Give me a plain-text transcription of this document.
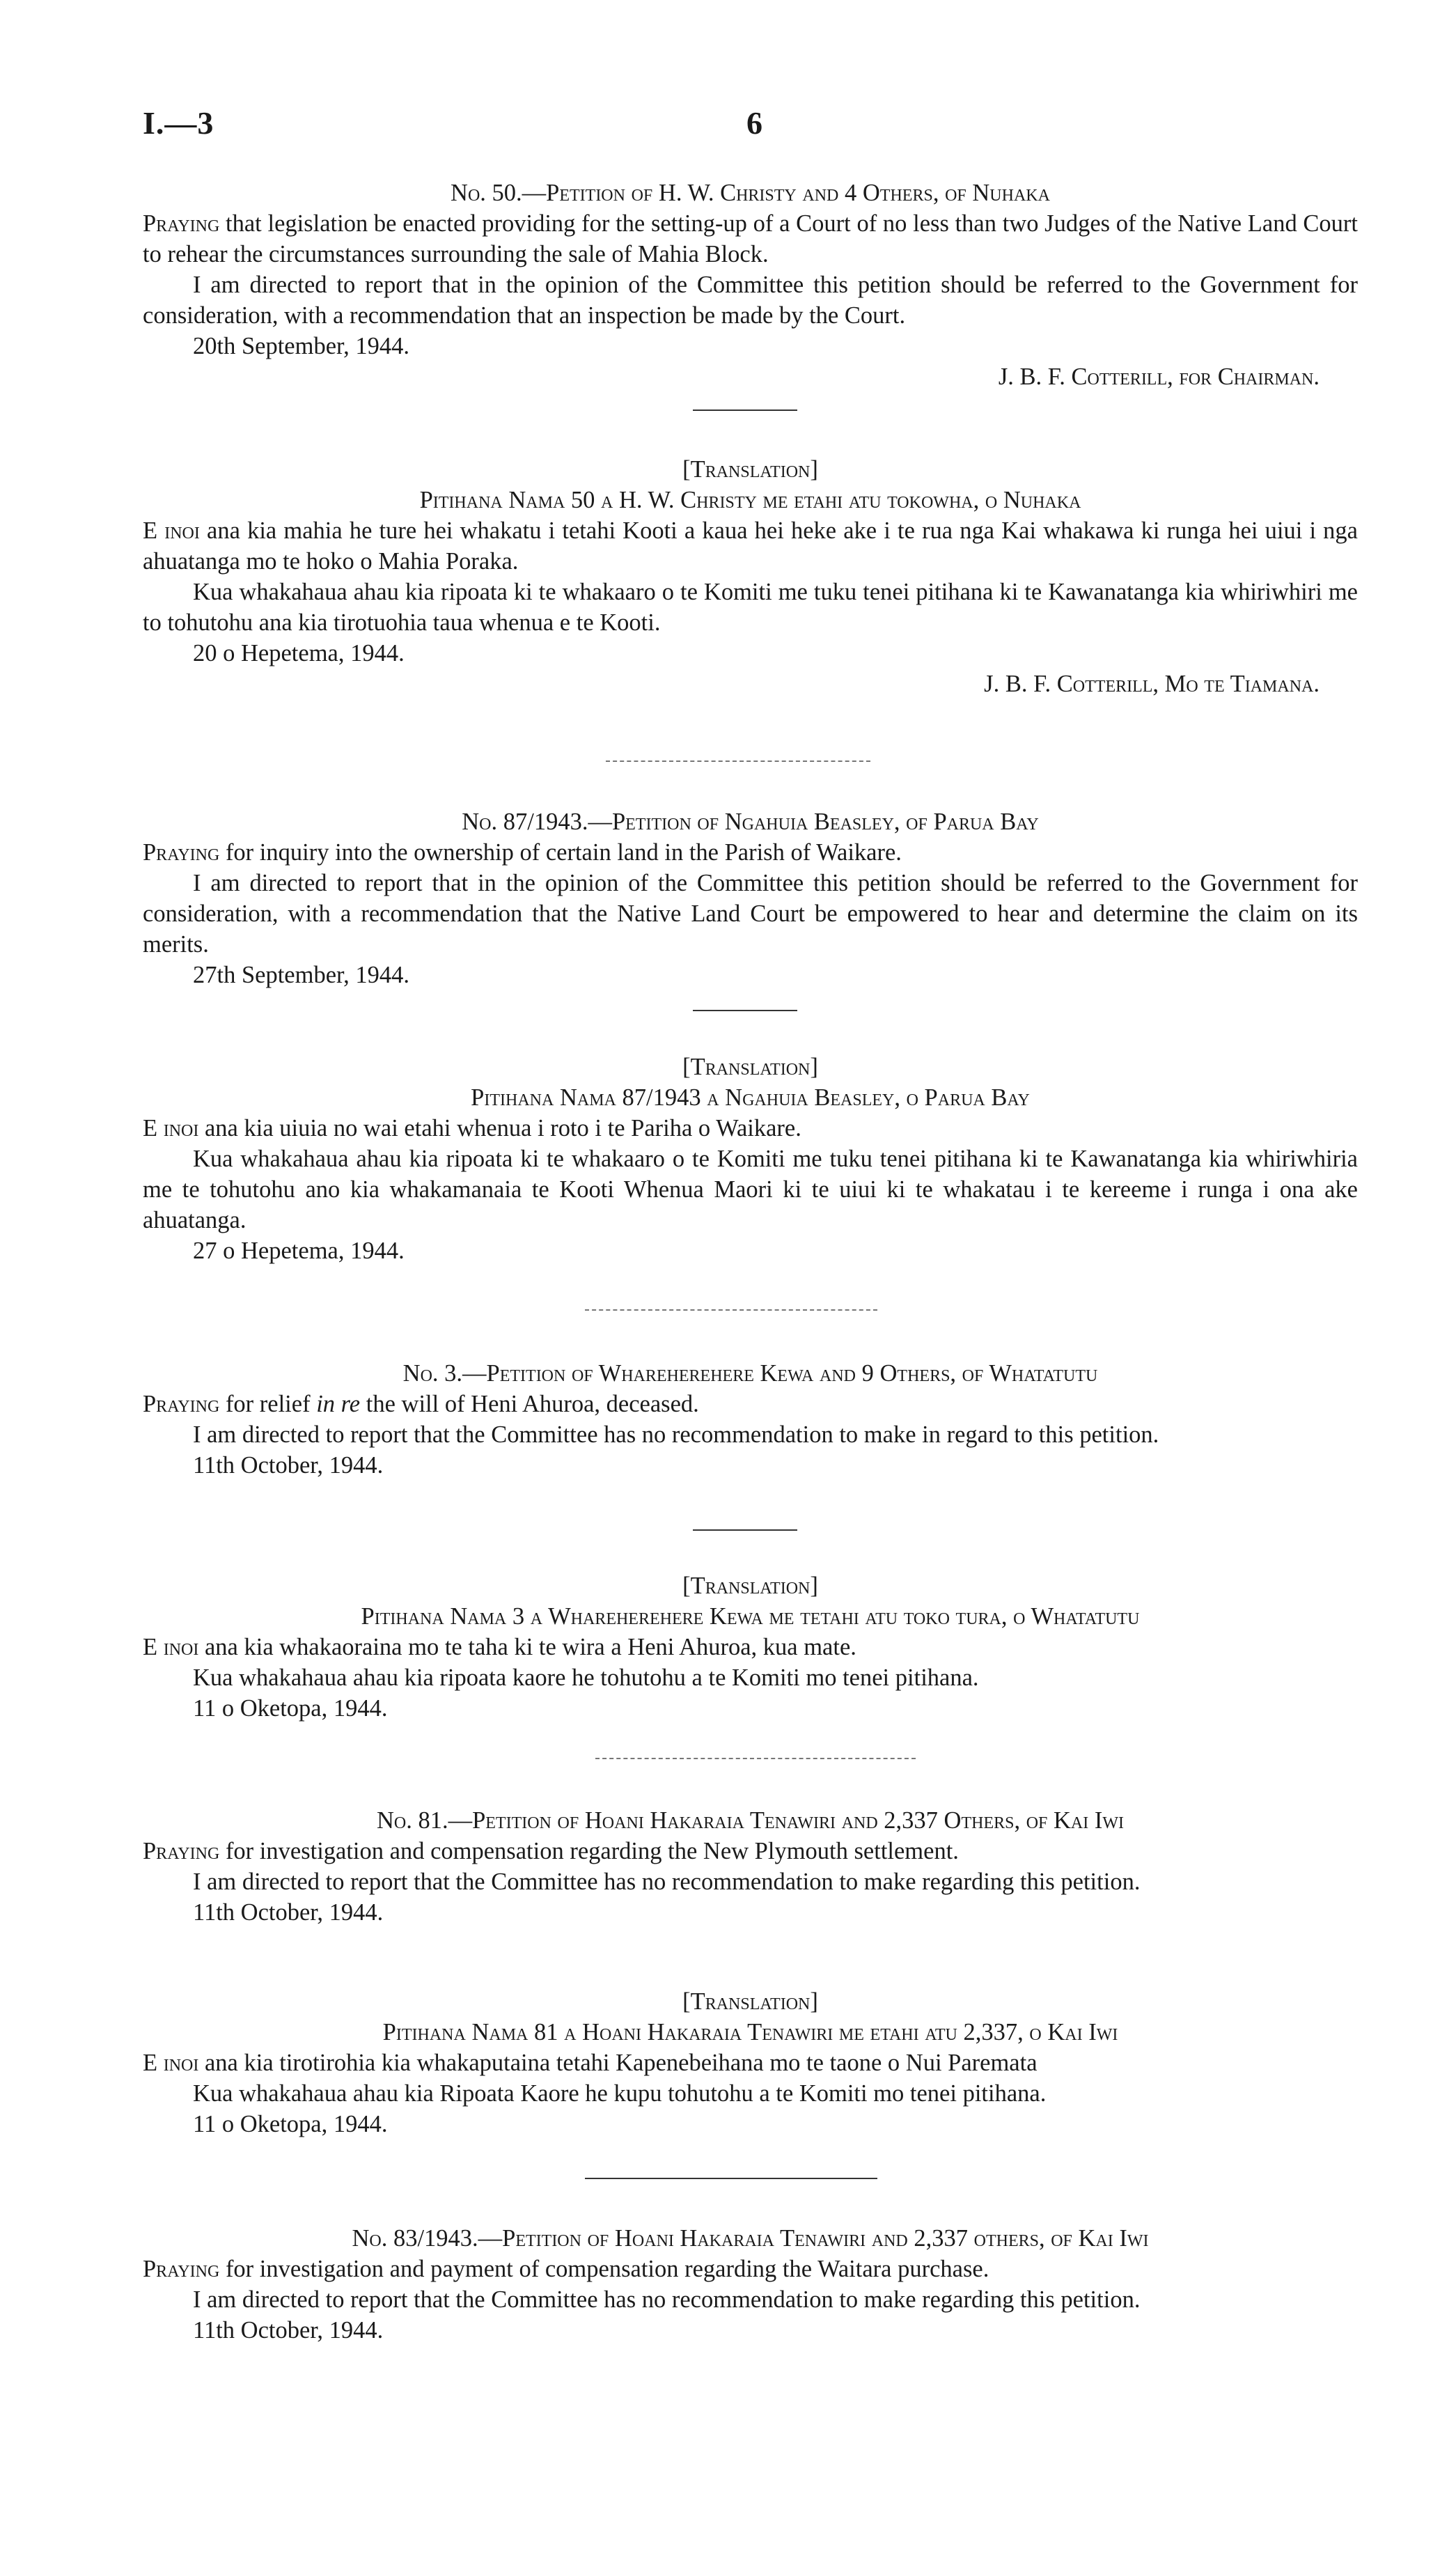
I.—3	6
No. 50.—Petition of H. W. Christy and 4 Others, of Nuhaka
Praying that legislation be enacted providing for the setting-up of a Court of no less than two Judges of the Native Land Court to rehear the circumstances surrounding the sale of Mahia Block.
I am directed to report that in the opinion of the Committee this petition should be referred to the Government for consideration, with a recommendation that an inspection be made by the Court.
20th September, 1944.
J. B. F. Cotterill, for Chairman.
[Translation]
Pitihana Nama 50 a H. W. Christy me etahi atu tokowha, o Nuhaka
E inoi ana kia mahia he ture hei whakatu i tetahi Kooti a kaua hei heke ake i te rua nga Kai whakawa ki runga hei uiui i nga ahuatanga mo te hoko o Mahia Poraka.
Kua whakahaua ahau kia ripoata ki te whakaaro o te Komiti me tuku tenei pitihana ki te Kawanatanga kia whiriwhiri me to tohutohu ana kia tirotuohia taua whenua e te Kooti.
20 o Hepetema, 1944.
J. B. F. Cotterill, Mo te Tiamana.
No. 87/1943.—Petition of Ngahuia Beasley, of Parua Bay
Praying for inquiry into the ownership of certain land in the Parish of Waikare.
I am directed to report that in the opinion of the Committee this petition should be referred to the Government for consideration, with a recommendation that the Native Land Court be empowered to hear and determine the claim on its merits.
27th September, 1944.
[Translation]
Pitihana Nama 87/1943 a Ngahuia Beasley, o Parua Bay
E inoi ana kia uiuia no wai etahi whenua i roto i te Pariha o Waikare.
Kua whakahaua ahau kia ripoata ki te whakaaro o te Komiti me tuku tenei pitihana ki te Kawanatanga kia whiriwhiria me te tohutohu ano kia whakamanaia te Kooti Whenua Maori ki te uiui ki te whakatau i te kereeme i runga i ona ake ahuatanga.
27 o Hepetema, 1944.
No. 3.—Petition of Whareherehere Kewa and 9 Others, of Whatatutu
Praying for relief in re the will of Heni Ahuroa, deceased.
I am directed to report that the Committee has no recommendation to make in regard to this petition.
11th October, 1944.
[Translation]
Pitihana Nama 3 a Whareherehere Kewa me tetahi atu toko tura, o Whatatutu
E inoi ana kia whakaoraina mo te taha ki te wira a Heni Ahuroa, kua mate.
Kua whakahaua ahau kia ripoata kaore he tohutohu a te Komiti mo tenei pitihana.
11 o Oketopa, 1944.
No. 81.—Petition of Hoani Hakaraia Tenawiri and 2,337 Others, of Kai Iwi
Praying for investigation and compensation regarding the New Plymouth settlement.
I am directed to report that the Committee has no recommendation to make regarding this petition.
11th October, 1944.
[Translation]
Pitihana Nama 81 a Hoani Hakaraia Tenawiri me etahi atu 2,337, o Kai Iwi
E inoi ana kia tirotirohia kia whakaputaina tetahi Kapenebeihana mo te taone o Nui Paremata
Kua whakahaua ahau kia Ripoata Kaore he kupu tohutohu a te Komiti mo tenei pitihana.
11 o Oketopa, 1944.
No. 83/1943.—Petition of Hoani Hakaraia Tenawiri and 2,337 others, of Kai Iwi
Praying for investigation and payment of compensation regarding the Waitara purchase.
I am directed to report that the Committee has no recommendation to make regarding this petition.
11th October, 1944.
